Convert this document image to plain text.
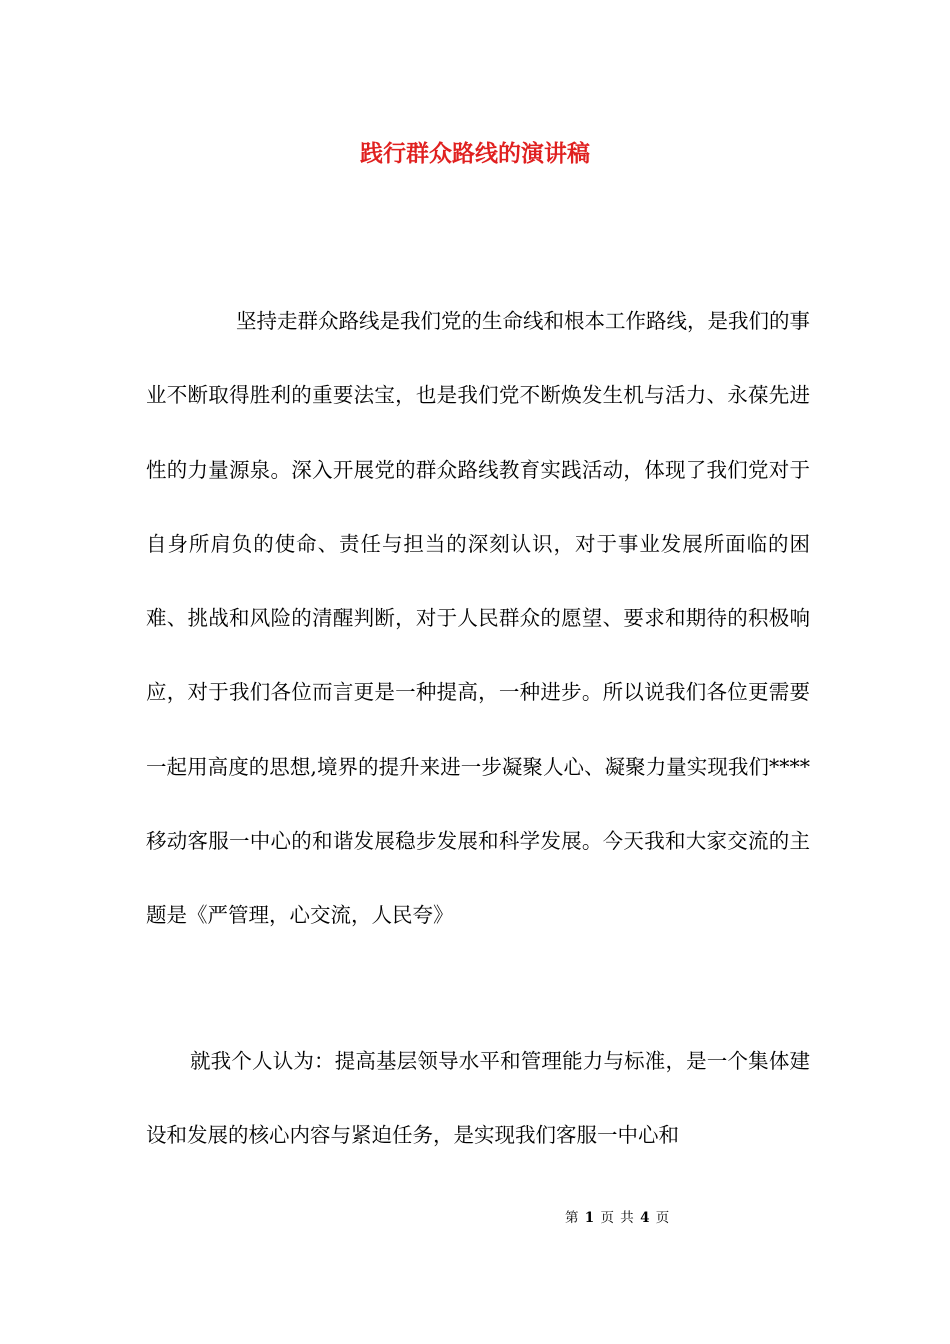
践行群众路线的演讲稿

坚持走群众路线是我们党的生命线和根本工作路线，是我们的事业不断取得胜利的重要法宝，也是我们党不断焕发生机与活力、永葆先进性的力量源泉。深入开展党的群众路线教育实践活动，体现了我们党对于自身所肩负的使命、责任与担当的深刻认识，对于事业发展所面临的困难、挑战和风险的清醒判断，对于人民群众的愿望、要求和期待的积极响应，对于我们各位而言更是一种提高，一种进步。所以说我们各位更需要一起用高度的思想,境界的提升来进一步凝聚人心、凝聚力量实现我们****移动客服一中心的和谐发展稳步发展和科学发展。今天我和大家交流的主题是《严管理，心交流，人民夸》

就我个人认为：提高基层领导水平和管理能力与标准，是一个集体建设和发展的核心内容与紧迫任务，是实现我们客服一中心和

第 1 页 共 4 页
